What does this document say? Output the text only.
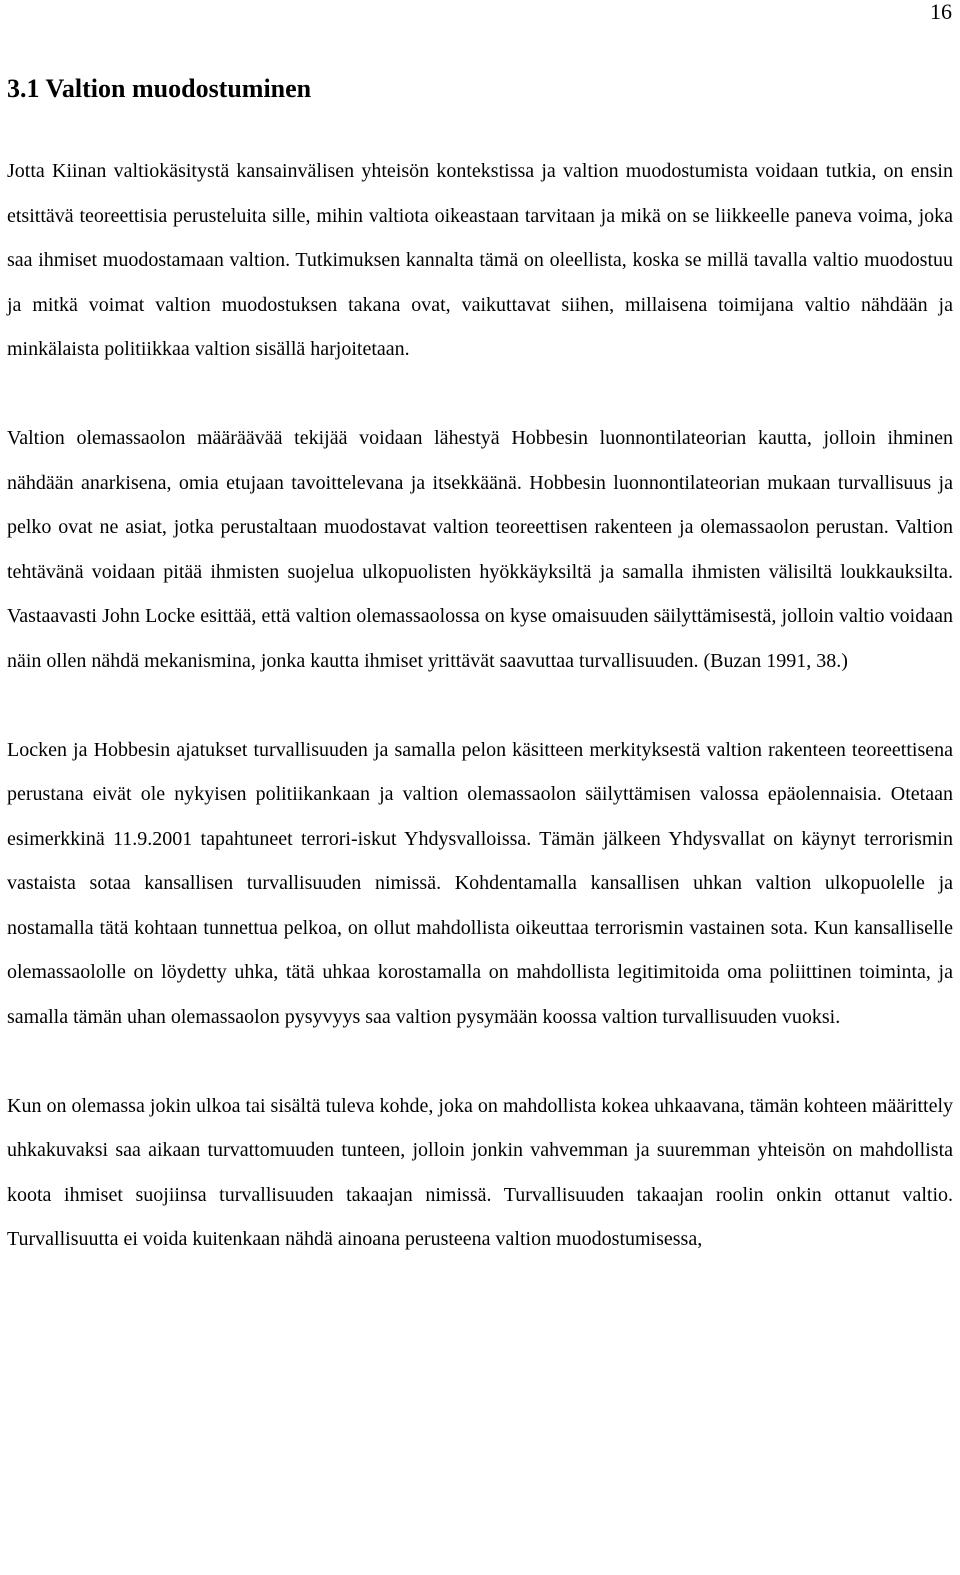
16
3.1 Valtion muodostuminen

Jotta Kiinan valtiokäsitystä kansainvälisen yhteisön kontekstissa ja valtion muodostumista voidaan tutkia, on ensin etsittävä teoreettisia perusteluita sille, mihin valtiota oikeastaan tarvitaan ja mikä on se liikkeelle paneva voima, joka saa ihmiset muodostamaan valtion. Tutkimuksen kannalta tämä on oleellista, koska se millä tavalla valtio muodostuu ja mitkä voimat valtion muodostuksen takana ovat, vaikuttavat siihen, millaisena toimijana valtio nähdään ja minkälaista politiikkaa valtion sisällä harjoitetaan.

Valtion olemassaolon määräävää tekijää voidaan lähestyä Hobbesin luonnontilateorian kautta, jolloin ihminen nähdään anarkisena, omia etujaan tavoittelevana ja itsekkäänä. Hobbesin luonnontilateorian mukaan turvallisuus ja pelko ovat ne asiat, jotka perustaltaan muodostavat valtion teoreettisen rakenteen ja olemassaolon perustan. Valtion tehtävänä voidaan pitää ihmisten suojelua ulkopuolisten hyökkäyksiltä ja samalla ihmisten välisiltä loukkauksilta. Vastaavasti John Locke esittää, että valtion olemassaolossa on kyse omaisuuden säilyttämisestä, jolloin valtio voidaan näin ollen nähdä mekanismina, jonka kautta ihmiset yrittävät saavuttaa turvallisuuden. (Buzan 1991, 38.)

Locken ja Hobbesin ajatukset turvallisuuden ja samalla pelon käsitteen merkityksestä valtion rakenteen teoreettisena perustana eivät ole nykyisen politiikankaan ja valtion olemassaolon säilyttämisen valossa epäolennaisia. Otetaan esimerkkinä 11.9.2001 tapahtuneet terrori-iskut Yhdysvalloissa. Tämän jälkeen Yhdysvallat on käynyt terrorismin vastaista sotaa kansallisen turvallisuuden nimissä. Kohdentamalla kansallisen uhkan valtion ulkopuolelle ja nostamalla tätä kohtaan tunnettua pelkoa, on ollut mahdollista oikeuttaa terrorismin vastainen sota. Kun kansalliselle olemassaololle on löydetty uhka, tätä uhkaa korostamalla on mahdollista legitimitoida oma poliittinen toiminta, ja samalla tämän uhan olemassaolon pysyvyys saa valtion pysymään koossa valtion turvallisuuden vuoksi.

Kun on olemassa jokin ulkoa tai sisältä tuleva kohde, joka on mahdollista kokea uhkaavana, tämän kohteen määrittely uhkakuvaksi saa aikaan turvattomuuden tunteen, jolloin jonkin vahvemman ja suuremman yhteisön on mahdollista koota ihmiset suojiinsa turvallisuuden takaajan nimissä. Turvallisuuden takaajan roolin onkin ottanut valtio. Turvallisuutta ei voida kuitenkaan nähdä ainoana perusteena valtion muodostumisessa,
